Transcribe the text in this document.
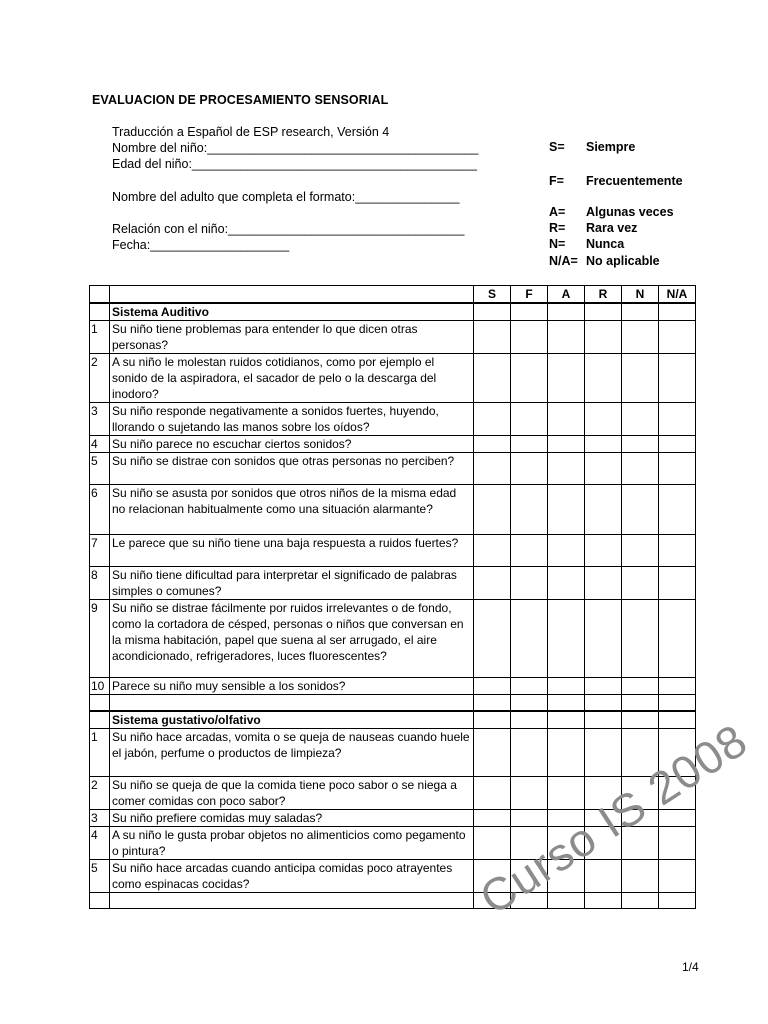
EVALUACION DE PROCESAMIENTO SENSORIAL
Traducción a Español de ESP research, Versión 4
Nombre del niño:_______________________________________
Edad del niño:_________________________________________
Nombre del adulto que completa el formato:_______________
Relación con el niño:__________________________________
Fecha:____________________
S= Siempre
F= Frecuentemente
A= Algunas veces
R= Rara vez
N= Nunca
N/A= No aplicable
		S	F	A	R	N	N/A
	Sistema Auditivo						
1	Su niño tiene problemas para entender lo que dicen otras personas?						
2	A su niño le molestan ruidos cotidianos, como por ejemplo el sonido de la aspiradora, el sacador de pelo o la descarga del inodoro?						
3	Su niño responde negativamente a sonidos fuertes, huyendo, llorando o sujetando las manos sobre los oídos?						
4	Su niño parece no escuchar ciertos sonidos?						
5	Su niño se distrae con sonidos que otras personas no perciben?						
6	Su niño se asusta por sonidos que otros niños de la misma edad no relacionan habitualmente como una situación alarmante?						
7	Le parece que su niño tiene una baja respuesta a ruidos fuertes?						
8	Su niño tiene dificultad para interpretar el significado de palabras simples o comunes?						
9	Su niño se distrae fácilmente por ruidos irrelevantes o de fondo, como la cortadora de césped, personas o niños que conversan en la misma habitación, papel que suena al ser arrugado, el aire acondicionado, refrigeradores, luces fluorescentes?						
10	Parece su niño muy sensible a los sonidos?						

	Sistema gustativo/olfativo						
1	Su niño hace arcadas, vomita o se queja de nauseas cuando huele el jabón, perfume o productos de limpieza?						
2	Su niño se queja de que la comida tiene poco sabor o se niega a comer comidas con poco sabor?						
3	Su niño prefiere comidas muy saladas?						
4	A su niño le gusta probar objetos no alimenticios como pegamento o pintura?						
5	Su niño hace arcadas cuando anticipa comidas poco atrayentes como espinacas cocidas?						
								Curso IS 2008
1/4
